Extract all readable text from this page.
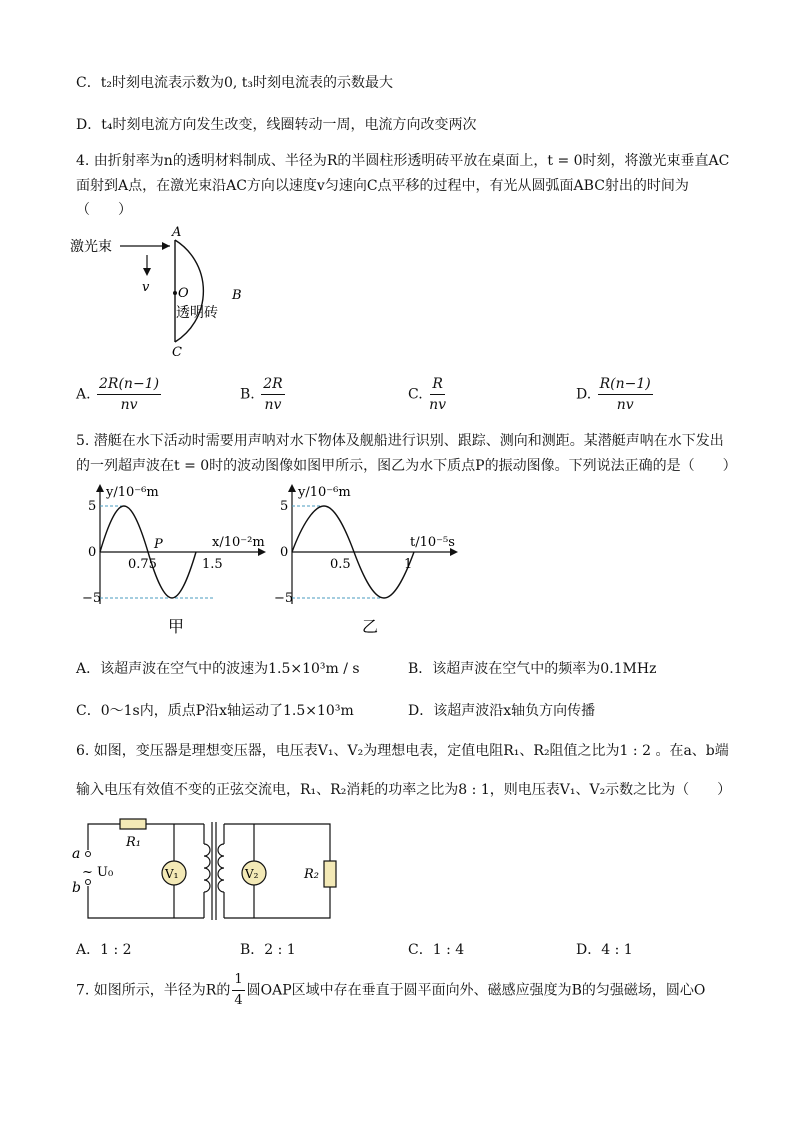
C．t₂时刻电流表示数为0, t₃时刻电流表的示数最大
D．t₄时刻电流方向发生改变，线圈转动一周，电流方向改变两次
4. 由折射率为n的透明材料制成、半径为R的半圆柱形透明砖平放在桌面上，t = 0时刻，将激光束垂直AC
面射到A点，在激光束沿AC方向以速度v匀速向C点平移的过程中，有光从圆弧面ABC射出的时间为
（　　）
激光束
v
A
O	B
C
透明砖
A. $\frac{2R(n-1)}{nv}$	B. $\frac{2R}{nv}$	C. $\frac{R}{nv}$	D. $\frac{R(n-1)}{nv}$
5. 潜艇在水下活动时需要用声呐对水下物体及舰船进行识别、跟踪、测向和测距。某潜艇声呐在水下发出
的一列超声波在t = 0时的波动图像如图甲所示，图乙为水下质点P的振动图像。下列说法正确的是（　　）
y/10⁻⁶m
x/10⁻²m
5
0
−5
P
0.75	1.5
甲
y/10⁻⁶m
t/10⁻⁵s
5
0
−5
0.5	1
乙
A．该超声波在空气中的波速为1.5×10³m / s	B．该超声波在空气中的频率为0.1MHz
C．0～1s内，质点P沿x轴运动了1.5×10³m	D．该超声波沿x轴负方向传播
6. 如图，变压器是理想变压器，电压表V₁、V₂为理想电表，定值电阻R₁、R₂阻值之比为1 : 2 。在a、b端
输入电压有效值不变的正弦交流电，R₁、R₂消耗的功率之比为8 : 1，则电压表V₁、V₂示数之比为（　　）
V₁	V₂
R₁
R₂
a
b
~ U₀
A．1 : 2	B．2 : 1	C．1 : 4	D．4 : 1
7. 如图所示，半径为R的 $\frac{1}{4}$ 圆OAP区域中存在垂直于圆平面向外、磁感应强度为B的匀强磁场，圆心O
